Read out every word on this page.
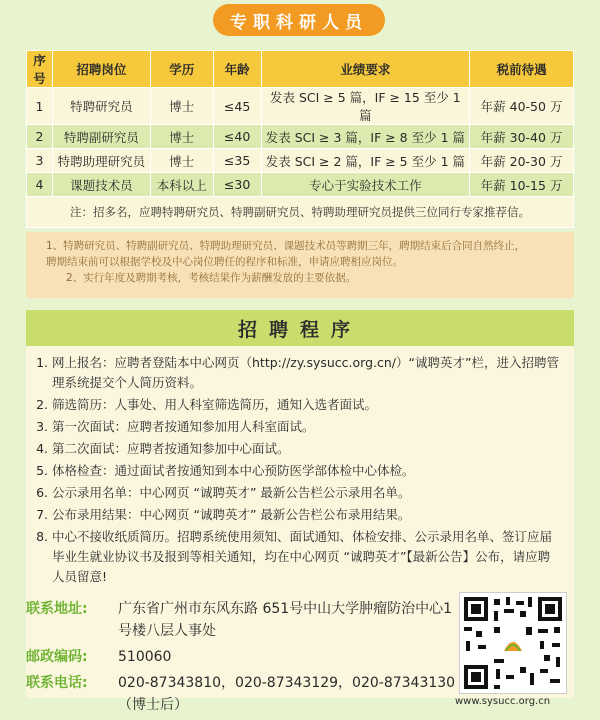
专职科研人员
序号	招聘岗位	学历	年龄	业绩要求	税前待遇
1	特聘研究员	博士	≤45	发表 SCI ≥ 5 篇，IF ≥ 15 至少 1 篇	年薪 40-50 万
2	特聘副研究员	博士	≤40	发表 SCI ≥ 3 篇，IF ≥ 8 至少 1 篇	年薪 30-40 万
3	特聘助理研究员	博士	≤35	发表 SCI ≥ 2 篇，IF ≥ 5 至少 1 篇	年薪 20-30 万
4	课题技术员	本科以上	≤30	专心于实验技术工作	年薪 10-15 万
注：招多名，应聘特聘研究员、特聘副研究员、特聘助理研究员提供三位同行专家推荐信。					

1、特聘研究员、特聘副研究员、特聘助理研究员、课题技术员等聘期三年，聘期结束后合同自然终止，

聘期结束前可以根据学校及中心岗位聘任的程序和标准，申请应聘相应岗位。

2、实行年度及聘期考核，考核结果作为薪酬发放的主要依据。

招聘程序
1. 网上报名：应聘者登陆本中心网页（http://zy.sysucc.org.cn/）“诚聘英才”栏，进入招聘管理系统提交个人简历资料。
2. 筛选简历：人事处、用人科室筛选简历，通知入选者面试。
3. 第一次面试：应聘者按通知参加用人科室面试。
4. 第二次面试：应聘者按通知参加中心面试。
5. 体格检查：通过面试者按通知到本中心预防医学部体检中心体检。
6. 公示录用名单：中心网页 “诚聘英才” 最新公告栏公示录用名单。
7. 公布录用结果：中心网页 “诚聘英才” 最新公告栏公布录用结果。
8. 中心不接收纸质简历。招聘系统使用须知、面试通知、体检安排、公示录用名单、签订应届毕业生就业协议书及报到等相关通知，均在中心网页 “诚聘英才”【最新公告】公布，请应聘人员留意!
联系地址:	广东省广州市东风东路 651号中山大学肿瘤防治中心1号楼八层人事处
邮政编码:	510060
联系电话:	020-87343810，020-87343129，020-87343130（博士后）	www.sysucc.org.cn
